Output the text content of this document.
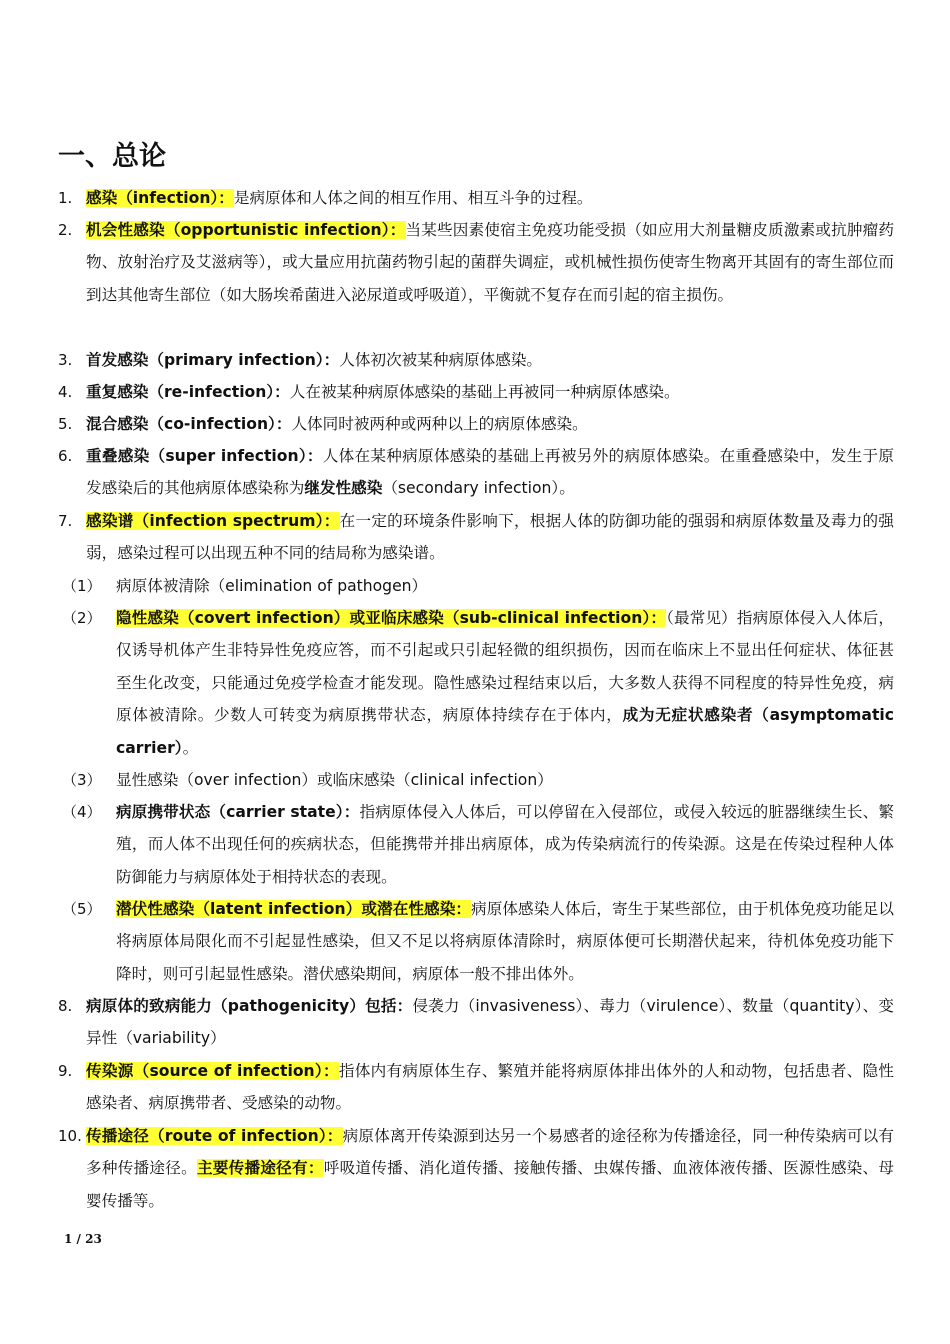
一、总论
1. 感染（infection）：是病原体和人体之间的相互作用、相互斗争的过程。
2. 机会性感染（opportunistic infection）：当某些因素使宿主免疫功能受损（如应用大剂量糖皮质激素或抗肿瘤药物、放射治疗及艾滋病等），或大量应用抗菌药物引起的菌群失调症，或机械性损伤使寄生物离开其固有的寄生部位而到达其他寄生部位（如大肠埃希菌进入泌尿道或呼吸道），平衡就不复存在而引起的宿主损伤。
3. 首发感染（primary infection）：人体初次被某种病原体感染。
4. 重复感染（re-infection）：人在被某种病原体感染的基础上再被同一种病原体感染。
5. 混合感染（co-infection）：人体同时被两种或两种以上的病原体感染。
6. 重叠感染（super infection）：人体在某种病原体感染的基础上再被另外的病原体感染。在重叠感染中，发生于原发感染后的其他病原体感染称为继发性感染（secondary infection）。
7. 感染谱（infection spectrum）：在一定的环境条件影响下，根据人体的防御功能的强弱和病原体数量及毒力的强弱，感染过程可以出现五种不同的结局称为感染谱。
（1） 病原体被清除（elimination of pathogen）
（2） 隐性感染（covert infection）或亚临床感染（sub-clinical infection）：（最常见）指病原体侵入人体后，仅诱导机体产生非特异性免疫应答，而不引起或只引起轻微的组织损伤，因而在临床上不显出任何症状、体征甚至生化改变，只能通过免疫学检查才能发现。隐性感染过程结束以后，大多数人获得不同程度的特异性免疫，病原体被清除。少数人可转变为病原携带状态，病原体持续存在于体内，成为无症状感染者（asymptomatic carrier）。
（3） 显性感染（over infection）或临床感染（clinical infection）
（4） 病原携带状态（carrier state）：指病原体侵入人体后，可以停留在入侵部位，或侵入较远的脏器继续生长、繁殖，而人体不出现任何的疾病状态，但能携带并排出病原体，成为传染病流行的传染源。这是在传染过程种人体防御能力与病原体处于相持状态的表现。
（5） 潜伏性感染（latent infection）或潜在性感染：病原体感染人体后，寄生于某些部位，由于机体免疫功能足以将病原体局限化而不引起显性感染，但又不足以将病原体清除时，病原体便可长期潜伏起来，待机体免疫功能下降时，则可引起显性感染。潜伏感染期间，病原体一般不排出体外。
8. 病原体的致病能力（pathogenicity）包括：侵袭力（invasiveness）、毒力（virulence）、数量（quantity）、变异性（variability）
9. 传染源（source of infection）：指体内有病原体生存、繁殖并能将病原体排出体外的人和动物，包括患者、隐性感染者、病原携带者、受感染的动物。
10. 传播途径（route of infection）：病原体离开传染源到达另一个易感者的途径称为传播途径，同一种传染病可以有多种传播途径。主要传播途径有：呼吸道传播、消化道传播、接触传播、虫媒传播、血液体液传播、医源性感染、母婴传播等。
1 / 23
